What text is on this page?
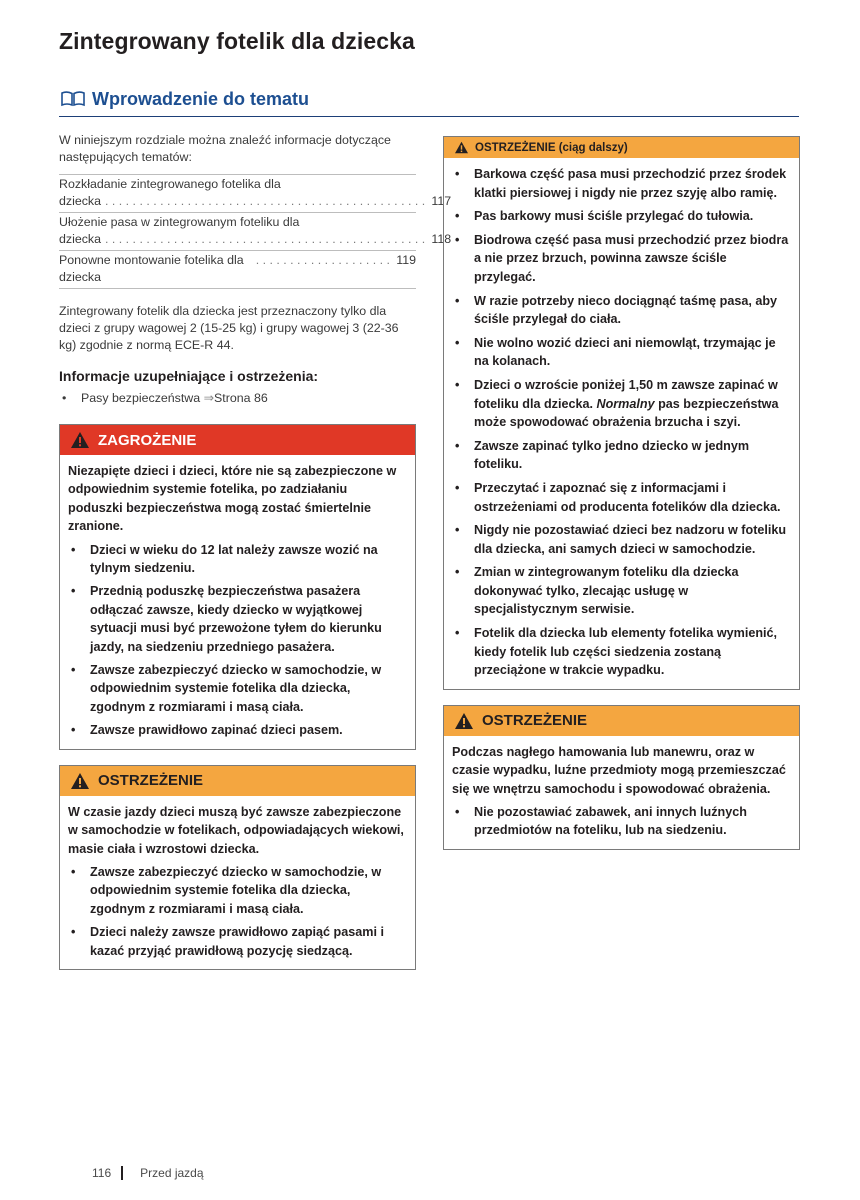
Zintegrowany fotelik dla dziecka
Wprowadzenie do tematu

W niniejszym rozdziale można znaleźć informacje dotyczące następujących tematów:

Rozkładanie zintegrowanego fotelika dla
dziecka . . . . . . . . . . . . . . . . . . . . . . . . . . . . . . . . . . . . . . . . . . . . . . . 117
Ułożenie pasa w zintegrowanym foteliku dla
dziecka . . . . . . . . . . . . . . . . . . . . . . . . . . . . . . . . . . . . . . . . . . . . . . . 118
Ponowne montowanie fotelika dla dziecka
. . . . . . . . . . . . . . . . . . . . 119

Zintegrowany fotelik dla dziecka jest przeznaczony tylko dla dzieci z grupy wagowej 2 (15-25 kg) i grupy wagowej 3 (22-36 kg) zgodnie z normą ECE-R 44.

Informacje uzupełniające i ostrzeżenia:
• Pasy bezpieczeństwa ⇒Strona 86
ZAGROŻENIE
Niezapięte dzieci i dzieci, które nie są zabezpieczone w odpowiednim systemie fotelika, po zadziałaniu poduszki bezpieczeństwa mogą zostać śmiertelnie zranione.
•	Dzieci w wieku do 12 lat należy zawsze wozić na tylnym siedzeniu.
•	Przednią poduszkę bezpieczeństwa pasażera odłączać zawsze, kiedy dziecko w wyjątkowej sytuacji musi być przewożone tyłem do kierunku jazdy, na siedzeniu przedniego pasażera.
•	Zawsze zabezpieczyć dziecko w samochodzie, w odpowiednim systemie fotelika dla dziecka, zgodnym z rozmiarami i masą ciała.
•	Zawsze prawidłowo zapinać dzieci pasem.
OSTRZEŻENIE
W czasie jazdy dzieci muszą być zawsze zabezpieczone w samochodzie w fotelikach, odpowiadających wiekowi, masie ciała i wzrostowi dziecka.
•	Zawsze zabezpieczyć dziecko w samochodzie, w odpowiednim systemie fotelika dla dziecka, zgodnym z rozmiarami i masą ciała.
•	Dzieci należy zawsze prawidłowo zapiąć pasami i kazać przyjąć prawidłową pozycję siedzącą.
OSTRZEŻENIE (ciąg dalszy)
•	Barkowa część pasa musi przechodzić przez środek klatki piersiowej i nigdy nie przez szyję albo ramię.
•	Pas barkowy musi ściśle przylegać do tułowia.
•	Biodrowa część pasa musi przechodzić przez biodra a nie przez brzuch, powinna zawsze ściśle przylegać.
•	W razie potrzeby nieco dociągnąć taśmę pasa, aby ściśle przylegał do ciała.
•	Nie wolno wozić dzieci ani niemowląt, trzymając je na kolanach.
•	Dzieci o wzroście poniżej 1,50 m zawsze zapinać w foteliku dla dziecka. Normalny pas bezpieczeństwa może spowodować obrażenia brzucha i szyi.
•	Zawsze zapinać tylko jedno dziecko w jednym foteliku.
•	Przeczytać i zapoznać się z informacjami i ostrzeżeniami od producenta fotelików dla dziecka.
•	Nigdy nie pozostawiać dzieci bez nadzoru w foteliku dla dziecka, ani samych dzieci w samochodzie.
•	Zmian w zintegrowanym foteliku dla dziecka dokonywać tylko, zlecając usługę w specjalistycznym serwisie.
•	Fotelik dla dziecka lub elementy fotelika wymienić, kiedy fotelik lub części siedzenia zostaną przeciążone w trakcie wypadku.
OSTRZEŻENIE
Podczas nagłego hamowania lub manewru, oraz w czasie wypadku, luźne przedmioty mogą przemieszczać się we wnętrzu samochodu i spowodować obrażenia.
•	Nie pozostawiać zabawek, ani innych luźnych przedmiotów na foteliku, lub na siedzeniu.
116 Przed jazdą
